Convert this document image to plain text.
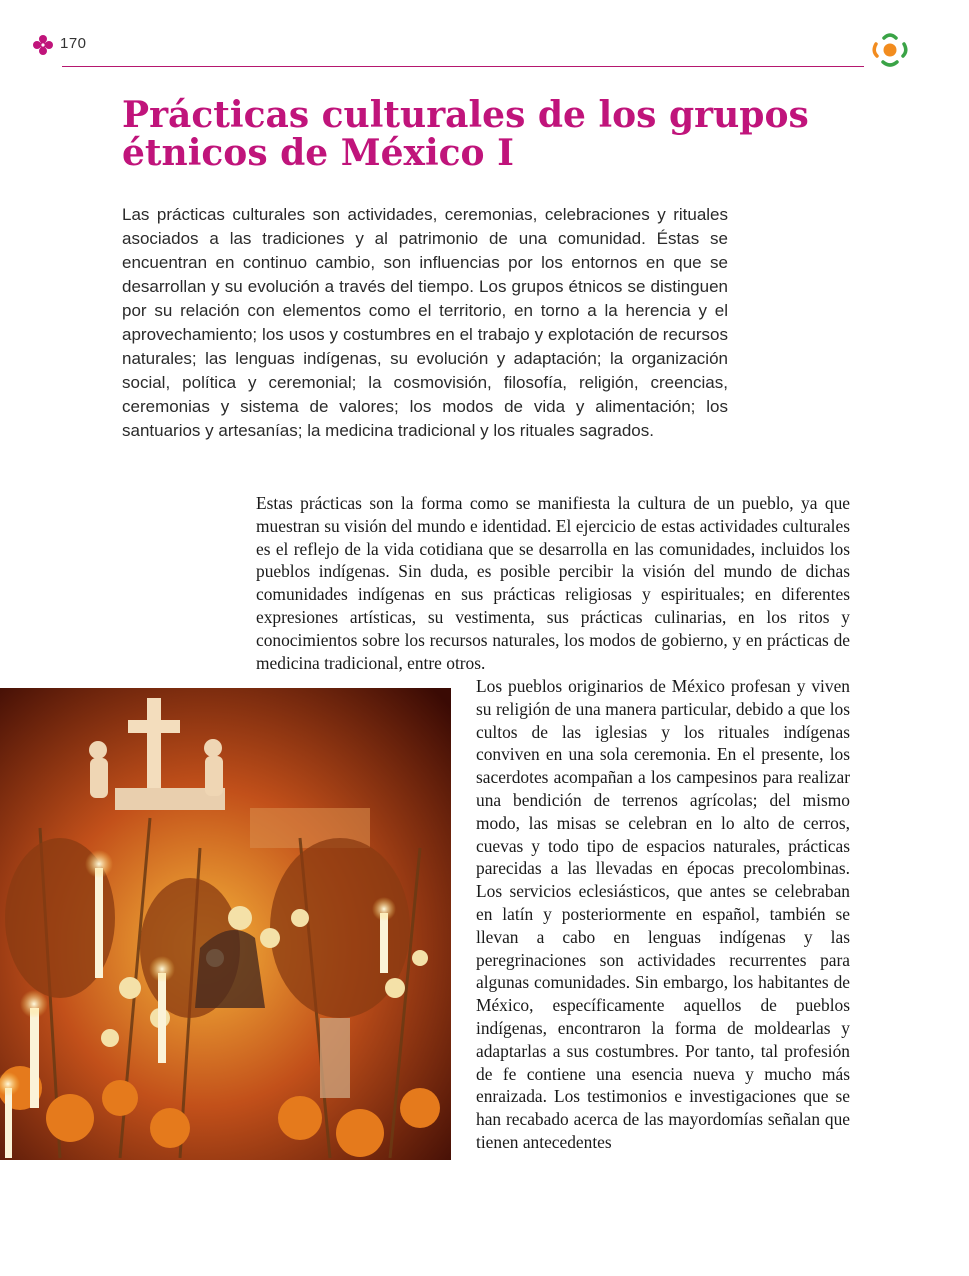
170
Prácticas culturales de los grupos étnicos de México I

Las prácticas culturales son actividades, ceremonias, celebraciones y rituales asociados a las tradiciones y al patrimonio de una comunidad. Éstas se encuentran en continuo cambio, son influencias por los entornos en que se desarrollan y su evolución a través del tiempo. Los grupos étnicos se distinguen por su relación con elementos como el territorio, en torno a la herencia y el aprovechamiento; los usos y costumbres en el trabajo y explotación de recursos naturales; las lenguas indígenas, su evolución y adaptación; la organización social, política y ceremonial; la cosmovisión, filosofía, religión, creencias, ceremonias y sistema de valores; los modos de vida y alimentación; los santuarios y artesanías; la medicina tradicional y los rituales sagrados.

Estas prácticas son la forma como se manifiesta la cultura de un pueblo, ya que muestran su visión del mundo e identidad. El ejercicio de estas actividades culturales es el reflejo de la vida cotidiana que se desarrolla en las comunidades, incluidos los pueblos indígenas. Sin duda, es posible percibir la visión del mundo de dichas comunidades indígenas en sus prácticas religiosas y espirituales; en diferentes expresiones artísticas, su vestimenta, sus prácticas culinarias, en los ritos y conocimientos sobre los recursos naturales, los modos de gobierno, y en prácticas de medicina tradicional, entre otros.

Los pueblos originarios de México profesan y viven su religión de una manera particular, debido a que los cultos de las iglesias y los rituales indígenas conviven en una sola ceremonia. En el presente, los sacerdotes acompañan a los campesinos para realizar una bendición de terrenos agrícolas; del mismo modo, las misas se celebran en lo alto de cerros, cuevas y todo tipo de espacios naturales, prácticas parecidas a las llevadas en épocas precolombinas. Los servicios eclesiásticos, que antes se celebraban en latín y posteriormente en español, también se llevan a cabo en lenguas indígenas y las peregrinaciones son actividades recurrentes para algunas comunidades. Sin embargo, los habitantes de México, específicamente aquellos de pueblos indígenas, encontraron la forma de moldearlas y adaptarlas a sus costumbres. Por tanto, tal profesión de fe contiene una esencia nueva y mucho más enraizada. Los testimonios e investigaciones que se han recabado acerca de las mayordomías señalan que tienen antecedentes
